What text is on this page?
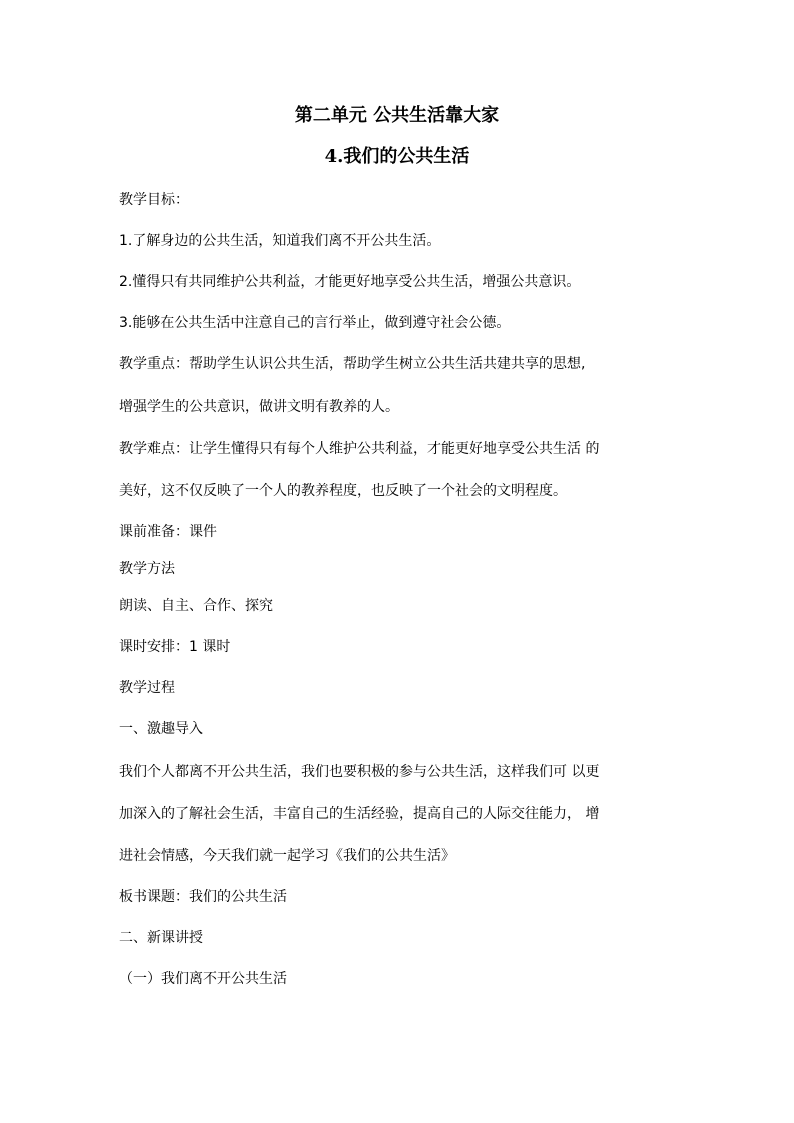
第二单元 公共生活靠大家
4.我们的公共生活
教学目标：
1.了解身边的公共生活，知道我们离不开公共生活。
2.懂得只有共同维护公共利益，才能更好地享受公共生活，增强公共意识。
3.能够在公共生活中注意自己的言行举止，做到遵守社会公德。
教学重点：帮助学生认识公共生活，帮助学生树立公共生活共建共享的思想,
增强学生的公共意识，做讲文明有教养的人。
教学难点：让学生懂得只有每个人维护公共利益，才能更好地享受公共生活 的
美好，这不仅反映了一个人的教养程度，也反映了一个社会的文明程度。
课前准备：课件
教学方法
朗读、自主、合作、探究
课时安排：1 课时
教学过程
一、激趣导入
我们个人都离不开公共生活，我们也要积极的参与公共生活，这样我们可 以更
加深入的了解社会生活，丰富自己的生活经验，提高自己的人际交往能力， 增
进社会情感，今天我们就一起学习《我们的公共生活》
板书课题：我们的公共生活
二、新课讲授
（一）我们离不开公共生活
